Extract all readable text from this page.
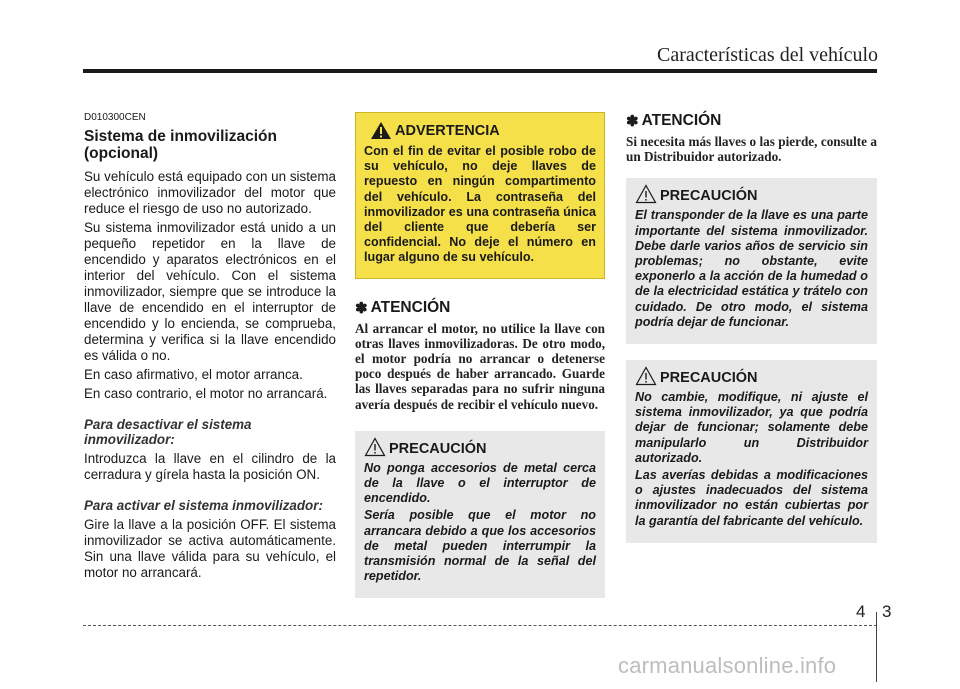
Características del vehículo
D010300CEN
Sistema de inmovilización (opcional)

Su vehículo está equipado con un sistema electrónico inmovilizador del motor que reduce el riesgo de uso no autorizado.

Su sistema inmovilizador está unido a un pequeño repetidor en la llave de encendido y aparatos electrónicos en el interior del vehículo. Con el sistema inmovilizador, siempre que se introduce la llave de encendido en el interruptor de encendido y lo encienda, se comprueba, determina y verifica si la llave encendido es válida o no.

En caso afirmativo, el motor arranca.

En caso contrario, el motor no arrancará.

Para desactivar el sistema inmovilizador:

Introduzca la llave en el cilindro de la cerradura y gírela hasta la posición ON.

Para activar el sistema inmovilizador:

Gire la llave a la posición OFF. El sistema inmovilizador se activa automáticamente. Sin una llave válida para su vehículo, el motor no arrancará.

ADVERTENCIA
Con el fin de evitar el posible robo de su vehículo, no deje llaves de repuesto en ningún compartimento del vehículo. La contraseña del inmovilizador es una contraseña única del cliente que debería ser confidencial. No deje el número en lugar alguno de su vehículo.
✽ ATENCIÓN
Al arrancar el motor, no utilice la llave con otras llaves inmovilizadoras. De otro modo, el motor podría no arrancar o detenerse poco después de haber arrancado. Guarde las llaves separadas para no sufrir ninguna avería después de recibir el vehículo nuevo.
PRECAUCIÓN

No ponga accesorios de metal cerca de la llave o el interruptor de encendido.

Sería posible que el motor no arrancara debido a que los accesorios de metal pueden interrumpir la transmisión normal de la señal del repetidor.

✽ ATENCIÓN
Si necesita más llaves o las pierde, consulte a un Distribuidor autorizado.
PRECAUCIÓN

El transponder de la llave es una parte importante del sistema inmovilizador. Debe darle varios años de servicio sin problemas; no obstante, evite exponerlo a la acción de la humedad o de la electricidad estática y trátelo con cuidado. De otro modo, el sistema podría dejar de funcionar.

PRECAUCIÓN

No cambie, modifique, ni ajuste el sistema inmovilizador, ya que podría dejar de funcionar; solamente debe manipularlo un Distribuidor autorizado.

Las averías debidas a modificaciones o ajustes inadecuados del sistema inmovilizador no están cubiertas por la garantía del fabricante del vehículo.

4 3
carmanualsonline.info
